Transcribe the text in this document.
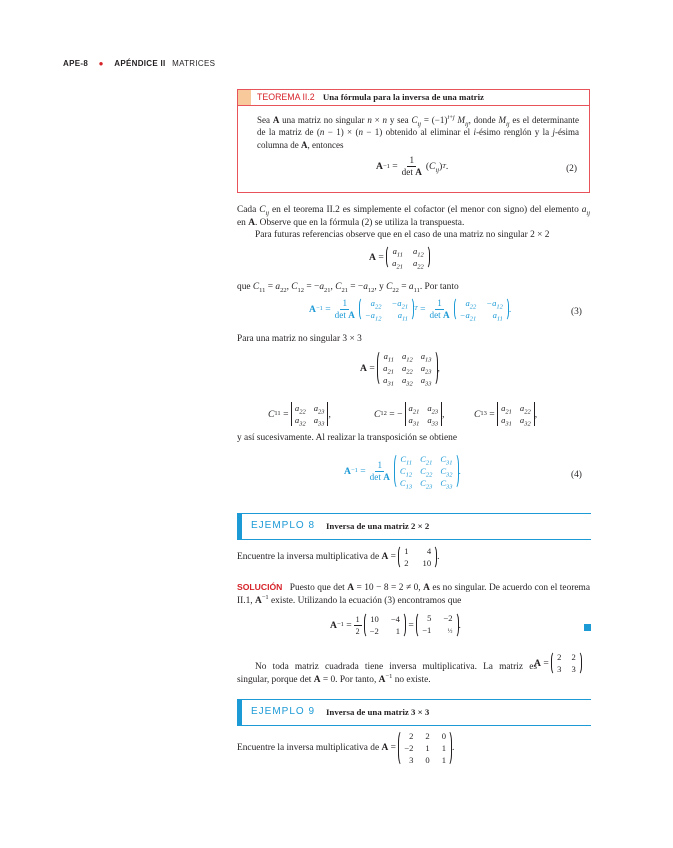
APE-8 ● APÉNDICE II MATRICES
TEOREMA II.2 Una fórmula para la inversa de una matriz
Sea A una matriz no singular n × n y sea $C_{ij} = (-1)^{i+j}$ $M_{ij}$, donde $M_{ij}$ es el determinante de la matriz de (n − 1) × (n − 1) obtenido al eliminar el i-ésimo renglón y la j-ésima columna de A, entonces
$A -1 = \frac{1}{\text{det A}}$ ( $C_{ij}$ ) T .	(2)
Cada $C_{ij}$ en el teorema II.2 es simplemente el cofactor (el menor con signo) del elemento $a_{ij}$ en A. Observe que en la fórmula (2) se utiliza la transpuesta.
Para futuras referencias observe que en el caso de una matriz no singular 2 × 2
A =
$a_{11}$ $a_{12}$
$a_{21}$ $a_{22}$
que $C_{11} = a_{22}$, $C_{12} = -a_{21}$, $C_{21} = -a_{12}$, y $C_{22} = a_{11}$. Por tanto
$A -1 = \frac{1}{\text{det A}}$	$a_{22} -a_{21}$
$-a_{12}$	$a_{11}$
$T = \frac{1}{\text{det A}}$	$a_{22} -a_{12}$
$-a_{21}$	$a_{11}$
.	(3)
Para una matriz no singular 3 × 3
A =
$a_{11}$ $a_{12}$ $a_{13}$
$a_{21}$ $a_{22}$ $a_{23}$
$a_{31}$ $a_{32}$ $a_{33}$
,
C 11 =
$a_{22}$ $a_{23}$
$a_{32}$ $a_{33}$
,	C 12 = −
$a_{21}$ $a_{23}$
$a_{31}$ $a_{33}$
,	C 13 =
$a_{21}$ $a_{22}$
$a_{31}$ $a_{32}$
,
y así sucesivamente. Al realizar la transposición se obtiene
$A -1 = \frac{1}{\text{det A}}$
$C_{11}$ $C_{21}$ $C_{31}$
$C_{12}$ $C_{22}$ $C_{32}$
$C_{13}$ $C_{23}$ $C_{33}$
.	(4)
EJEMPLO 8 Inversa de una matriz 2 × 2
Encuentre la inversa multiplicativa de
A =
1	4
2 10
.
SOLUCIÓN   Puesto que det A = 10 − 8 = 2 ≠ 0, A es no singular. De acuerdo con el teorema II.1, $A^{-1}$ existe. Utilizando la ecuación (3) encontramos que
$A -1 = \frac{1}{2} 10 -4$
−2	1
=
5 −2
−1	½
.
No toda matriz cuadrada tiene inversa multiplicativa. La matriz es singular, porque det A = 0. Por tanto, $A^{-1}$ no existe.
A =
2 2
3 3
EJEMPLO 9 Inversa de una matriz 3 × 3
Encuentre la inversa multiplicativa de
A =
2 2 0
−2 1 1
3 0 1
.
